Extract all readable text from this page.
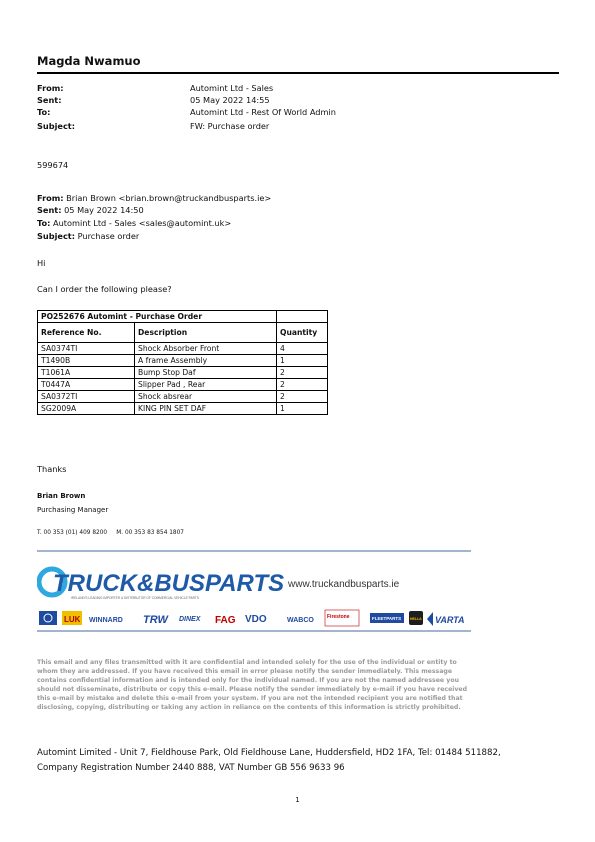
Magda Nwamuo
From:	Automint Ltd - Sales
Sent:	05 May 2022 14:55
To:	Automint Ltd - Rest Of World Admin
Subject:	FW: Purchase order
599674
From: Brian Brown <brian.brown@truckandbusparts.ie>
Sent: 05 May 2022 14:50
To: Automint Ltd - Sales <sales@automint.uk>
Subject: Purchase order
Hi
Can I order the following please?
PO252676 Automint - Purchase Order		
Reference No.	Description	Quantity
SA0374TI	Shock Absorber Front	4
T1490B	A frame Assembly	1
T1061A	Bump Stop Daf	2
T0447A	Slipper Pad , Rear	2
SA0372TI	Shock absrear	2
SG2009A	KING PIN SET DAF	1
Thanks
Brian Brown
Purchasing Manager
T. 00 353 (01) 409 8200     M. 00 353 83 854 1807
TRUCK&BUSPARTS
IRELAND'S LEADING IMPORTER & DISTRIBUTOR OF COMMERCIAL VEHICLE PARTS
www.truckandbusparts.ie
LUK WINNARD TRW DINEX FAG VDO	WABCO	Firestone	FLEETPARTS	HELLA VARTA
This email and any files transmitted with it are confidential and intended solely for the use of the individual or entity to whom they are addressed. If you have received this email in error please notify the sender immediately. This message contains confidential information and is intended only for the individual named. If you are not the named addressee you should not disseminate, distribute or copy this e-mail. Please notify the sender immediately by e-mail if you have received this e-mail by mistake and delete this e-mail from your system. If you are not the intended recipient you are notified that disclosing, copying, distributing or taking any action in reliance on the contents of this information is strictly prohibited.
Automint Limited - Unit 7, Fieldhouse Park, Old Fieldhouse Lane, Huddersfield, HD2 1FA, Tel: 01484 511882,
Company Registration Number 2440 888, VAT Number GB 556 9633 96
1
